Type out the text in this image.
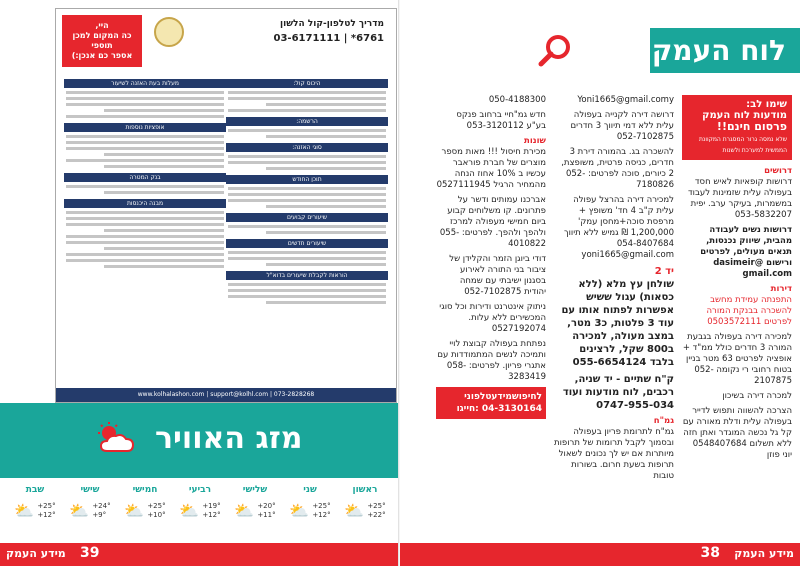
מדריך לטלפון-קול הלשון
6761* | 03-6171111
היי,
כה המקום למכן תוספי
אספר כם אנכן:)
היכוס קול:
הרשמה:
סוגי האזנה:
תוכן החודש
שיעורים קבועים
שיעורים חדשים
הוראות לקבלת שיעורים בדוא"ל
מעלות בעת האזנה לשיעור
אופציות נוספות
בנק המטרה
מבנה היכנסות
www.kolhalashon.com | support@kolhl.com | 073-2828268
מזג האוויר
ראשון
⛅ +25°
+22°
שני
⛅ +25°
+12°
שלישי
⛅ +20°
+11°
רביעי
⛅ +19°
+12°
חמישי
⛅ +25°
+10°
שישי
⛅ +24°
+9°
שבת
⛅ +25°
+12°
מידע העמק 39
לוח העמק
שימו לב:
מודעות לוח העמק
פרסום חינם!!
שלא נמסה גרור המסגרת המקוונת הממשית למערכת ולשנות
דרושים
דרושות קופאיות לאיש חסד בעפולה עלית שזמינות לעבוד במשמרות, בעיקר ערב. יפית 053-5832207
דרושות נשים לעבודה מהבית, שיווק נכנסות, תנאים מעולים, לפרטים ורישום @dasimeir gmail.com
דירות
התפנתה עמידת מחשב להשכרה בבנקת המורה לפרטים 0503572111
למכירה דירה בעפולה בגבעת המורה 3 חדרים כולל ממ"ד + אופציה לפרטים 63 מטר בניין בטוח רחובי רי נקומה 052-2107875
למכרה דירה בשיכון
הצרכה להשווה ותפוש לדייר בעפולה עלית ודלת מאורה עם קל גל נכשה המוגדר ואתן חזה ללא תשלום 0548407684 יוני פוזן
Yoni1665@gmail.comy
דרושה דירה לקנייה בעפולה עלית ללא דמי תיווך 3 חדרים 052-7102875
להשכרה בג. בהמורה דירת 3 חדרים, כניסה פרטית, משופצת, 2 כיורים, סוכה לפרטים: 052-7180826
למכירה דירה בהרצל עפולה עלית ק"ב 4 חד' משופץ + מרפסת סוכה+מחסן עמק' 1,200,000 ₪ גמיש ללא תיווך 054-8407684 yoni1665@gmail.com
יד 2
שולחן עץ מלא (ללא כסאות) עגול ששיש אפשרות לפתוח אותו עם עוד 3 פלטות, כ3 מטר, במצב מעולה, למכירה ב800 שקל, לרצינים בלבד 055-6654124
ק"ח שתיים - יד שניה, רכבים, לוח מודעות ועוד 0747-955-034
גמ"ח
גמ"ח לתרומת פריון בעפולה ובסמוך לקבל תרומות של תרופות מיותרות אם יש לך נכונים לשאול תרופות בשעת חרום. בשורות טובות
050-4188300
חדש גמ"חיי ברחוב פנקס בע"ע 053-3120112
שונות
מכירת חיסול !!! מאות מספר מוצרים של חברת פוראבר עכשיו ב 10% אחוז הנחה מהמחיר הרגיל 0527111945
אברכנו עמותים ודשר על פתרונים. קו משלוחים קבוע ביום חמישי מעפולה למרכז ולהפך ולהפך. לפרטים: 055-4010822
דודי ביוגן הזמר והקלידן של ציבור בני התורה לאירוע בסגנון ישיבתי עם שמחה יהודית 052-7102875
ניתוק אינטרנט ודירות וכל סוגי המכשירים ללא עלות. 0527192074
נפתחת בעפולה קבוצת לויי ותמיכה לנשים המתמודדות עם אתגרי פריון. לפרטים: 058-3283419
לחיפושמידעטלפוני
04-3130164 :חייגו
38 מידע העמק
